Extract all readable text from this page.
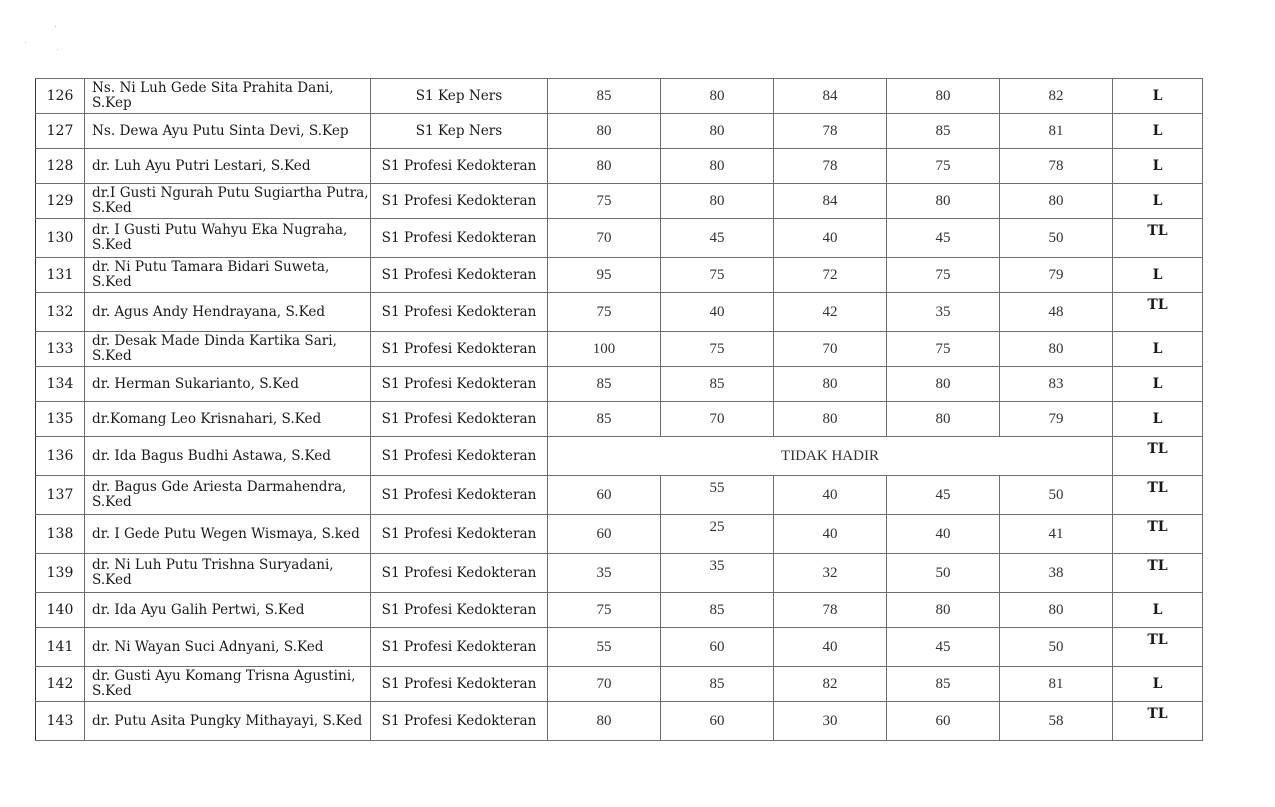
126	Ns. Ni Luh Gede Sita Prahita Dani, S.Kep	S1 Kep Ners	85	80	84	80	82	L
127	Ns. Dewa Ayu Putu Sinta Devi, S.Kep	S1 Kep Ners	80	80	78	85	81	L
128	dr. Luh Ayu Putri Lestari, S.Ked	S1 Profesi Kedokteran	80	80	78	75	78	L
129	dr.I Gusti Ngurah Putu Sugiartha Putra, S.Ked	S1 Profesi Kedokteran	75	80	84	80	80	L
130	dr. I Gusti Putu Wahyu Eka Nugraha, S.Ked	S1 Profesi Kedokteran	70	45	40	45	50	TL
131	dr. Ni Putu Tamara Bidari Suweta, S.Ked	S1 Profesi Kedokteran	95	75	72	75	79	L
132	dr. Agus Andy Hendrayana, S.Ked	S1 Profesi Kedokteran	75	40	42	35	48	TL
133	dr. Desak Made Dinda Kartika Sari, S.Ked	S1 Profesi Kedokteran	100	75	70	75	80	L
134	dr. Herman Sukarianto, S.Ked	S1 Profesi Kedokteran	85	85	80	80	83	L
135	dr.Komang Leo Krisnahari, S.Ked	S1 Profesi Kedokteran	85	70	80	80	79	L
136	dr. Ida Bagus Budhi Astawa, S.Ked	S1 Profesi Kedokteran	TIDAK HADIR					TL
137	dr. Bagus Gde Ariesta Darmahendra, S.Ked	S1 Profesi Kedokteran	60	55	40	45	50	TL
138	dr. I Gede Putu Wegen Wismaya, S.ked	S1 Profesi Kedokteran	60	25	40	40	41	TL
139	dr. Ni Luh Putu Trishna Suryadani, S.Ked	S1 Profesi Kedokteran	35	35	32	50	38	TL
140	dr. Ida Ayu Galih Pertwi, S.Ked	S1 Profesi Kedokteran	75	85	78	80	80	L
141	dr. Ni Wayan Suci Adnyani, S.Ked	S1 Profesi Kedokteran	55	60	40	45	50	TL
142	dr. Gusti Ayu Komang Trisna Agustini, S.Ked	S1 Profesi Kedokteran	70	85	82	85	81	L
143	dr. Putu Asita Pungky Mithayayi, S.Ked	S1 Profesi Kedokteran	80	60	30	60	58	TL
